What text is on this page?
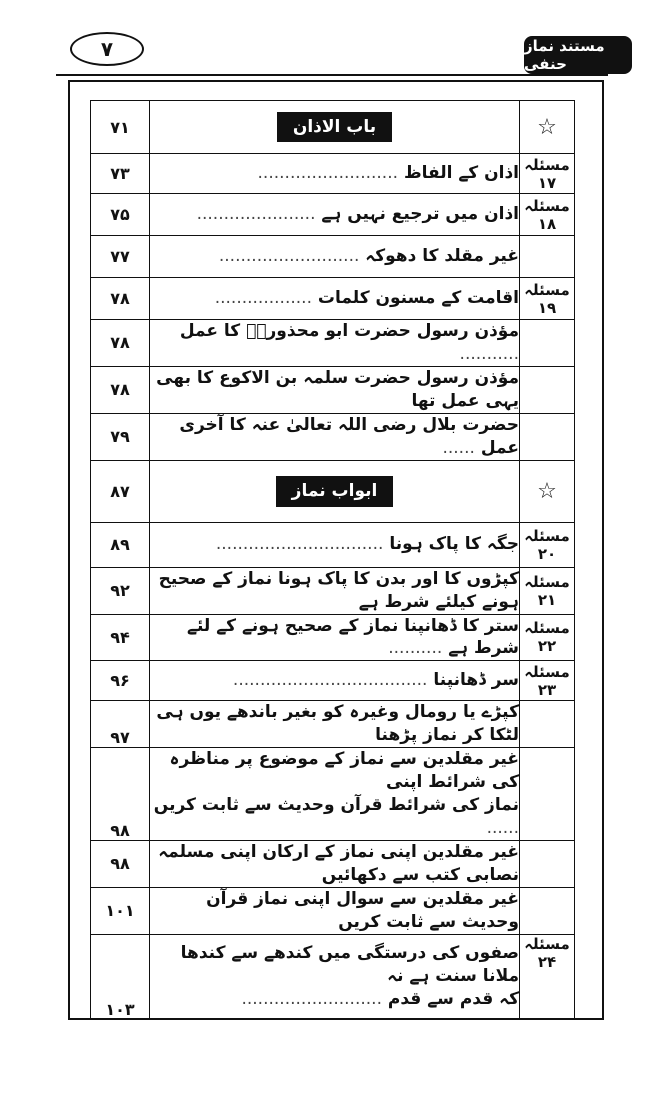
۷	مستند نماز حنفی
۷۱	باب الاذان	☆
۷۳	اذان کے الفاظ ..........................	مسئلہ ۱۷
۷۵	اذان میں ترجیع نہیں ہے ......................	مسئلہ ۱۸
۷۷	غیر مقلد کا دھوکہ ..........................	
۷۸	اقامت کے مسنون کلمات ..................	مسئلہ ۱۹
۷۸	مؤذن رسول حضرت ابو محذورہؓ کا عمل ...........	
۷۸	مؤذن رسول حضرت سلمہ بن الاکوع کا بھی یہی عمل تھا	
۷۹	حضرت بلال رضی اللہ تعالیٰ عنہ کا آخری عمل ......	
۸۷	ابواب نماز	☆
۸۹	جگہ کا پاک ہونا ...............................	مسئلہ ۲۰
۹۲	کپڑوں کا اور بدن کا پاک ہونا نماز کے صحیح ہونے کیلئے شرط ہے	مسئلہ ۲۱
۹۴	ستر کا ڈھانپنا نماز کے صحیح ہونے کے لئے شرط ہے ..........	مسئلہ ۲۲
۹۶	سر ڈھانپنا ....................................	مسئلہ ۲۳
۹۷	کپڑے یا رومال وغیرہ کو بغیر باندھے یوں ہی لٹکا کر نماز پڑھنا	
۹۸	غیر مقلدین سے نماز کے موضوع پر مناظرہ کی شرائط اپنی

نماز کی شرائط قرآن وحدیث سے ثابت کریں ......	

۹۸	غیر مقلدین اپنی نماز کے ارکان اپنی مسلمہ نصابی کتب سے دکھائیں	
۱۰۱	غیر مقلدین سے سوال اپنی نماز قرآن وحدیث سے ثابت کریں	
۱۰۳	صفوں کی درستگی میں کندھے سے کندھا ملانا سنت ہے نہ

کہ قدم سے قدم ..........................	مسئلہ ۲۴
